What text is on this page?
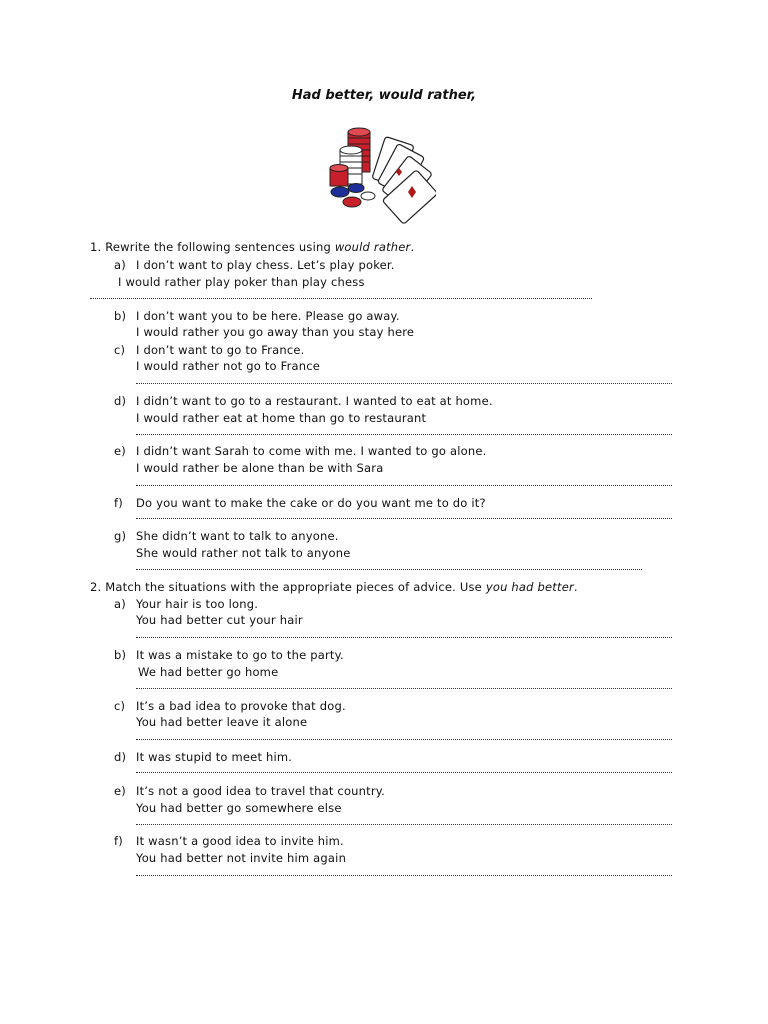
Had better, would rather,
1. Rewrite the following sentences using would rather.
a) I don’t want to play chess. Let’s play poker.
I would rather play poker than play chess
b) I don’t want you to be here. Please go away.
I would rather you go away than you stay here
c) I don’t want to go to France.
I would rather not go to France
d) I didn’t want to go to a restaurant. I wanted to eat at home.
I would rather eat at home than go to restaurant
e) I didn’t want Sarah to come with me. I wanted to go alone.
I would rather be alone than be with Sara
f) Do you want to make the cake or do you want me to do it?
g) She didn’t want to talk to anyone.
She would rather not talk to anyone
2. Match the situations with the appropriate pieces of advice. Use you had better.
a) Your hair is too long.
You had better cut your hair
b) It was a mistake to go to the party.
We had better go home
c) It’s a bad idea to provoke that dog.
You had better leave it alone
d) It was stupid to meet him.
e) It’s not a good idea to travel that country.
You had better go somewhere else
f) It wasn’t a good idea to invite him.
You had better not invite him again
